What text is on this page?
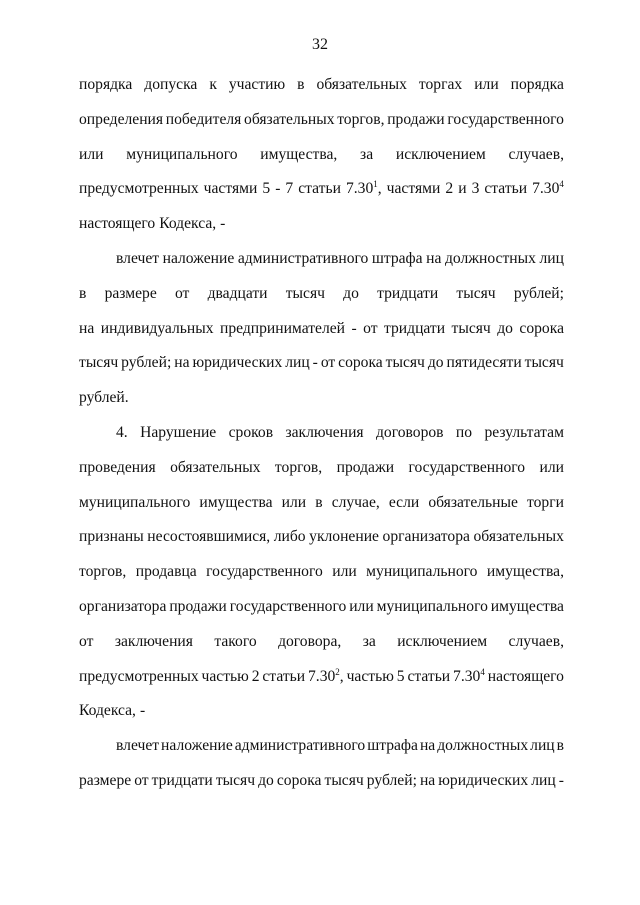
32
порядка допуска к участию в обязательных торгах или порядка
определения победителя обязательных торгов, продажи государственного
или муниципального имущества, за исключением случаев,
предусмотренных частями 5 - 7 статьи 7.30$^1$, частями 2 и 3 статьи 7.30$^4$
настоящего Кодекса, -
влечет наложение административного штрафа на должностных лиц
в размере от двадцати тысяч до тридцати тысяч рублей;
на индивидуальных предпринимателей - от тридцати тысяч до сорока
тысяч рублей; на юридических лиц - от сорока тысяч до пятидесяти тысяч
рублей.
4. Нарушение сроков заключения договоров по результатам
проведения обязательных торгов, продажи государственного или
муниципального имущества или в случае, если обязательные торги
признаны несостоявшимися, либо уклонение организатора обязательных
торгов, продавца государственного или муниципального имущества,
организатора продажи государственного или муниципального имущества
от заключения такого договора, за исключением случаев,
предусмотренных частью 2 статьи 7.30$^2$, частью 5 статьи 7.30$^4$ настоящего
Кодекса, -
влечет наложение административного штрафа на должностных лиц в
размере от тридцати тысяч до сорока тысяч рублей; на юридических лиц -
